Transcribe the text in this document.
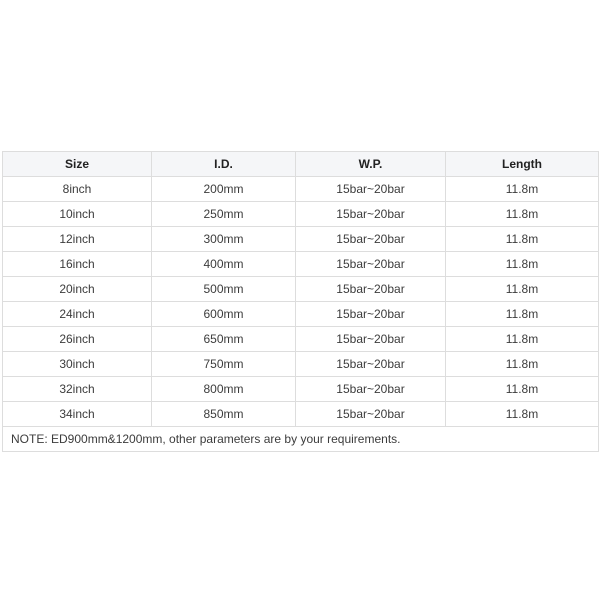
Size	I.D.	W.P.	Length
8inch	200mm	15bar~20bar	11.8m
10inch	250mm	15bar~20bar	11.8m
12inch	300mm	15bar~20bar	11.8m
16inch	400mm	15bar~20bar	11.8m
20inch	500mm	15bar~20bar	11.8m
24inch	600mm	15bar~20bar	11.8m
26inch	650mm	15bar~20bar	11.8m
30inch	750mm	15bar~20bar	11.8m
32inch	800mm	15bar~20bar	11.8m
34inch	850mm	15bar~20bar	11.8m
NOTE: ED900mm&1200mm, other parameters are by your requirements.			
